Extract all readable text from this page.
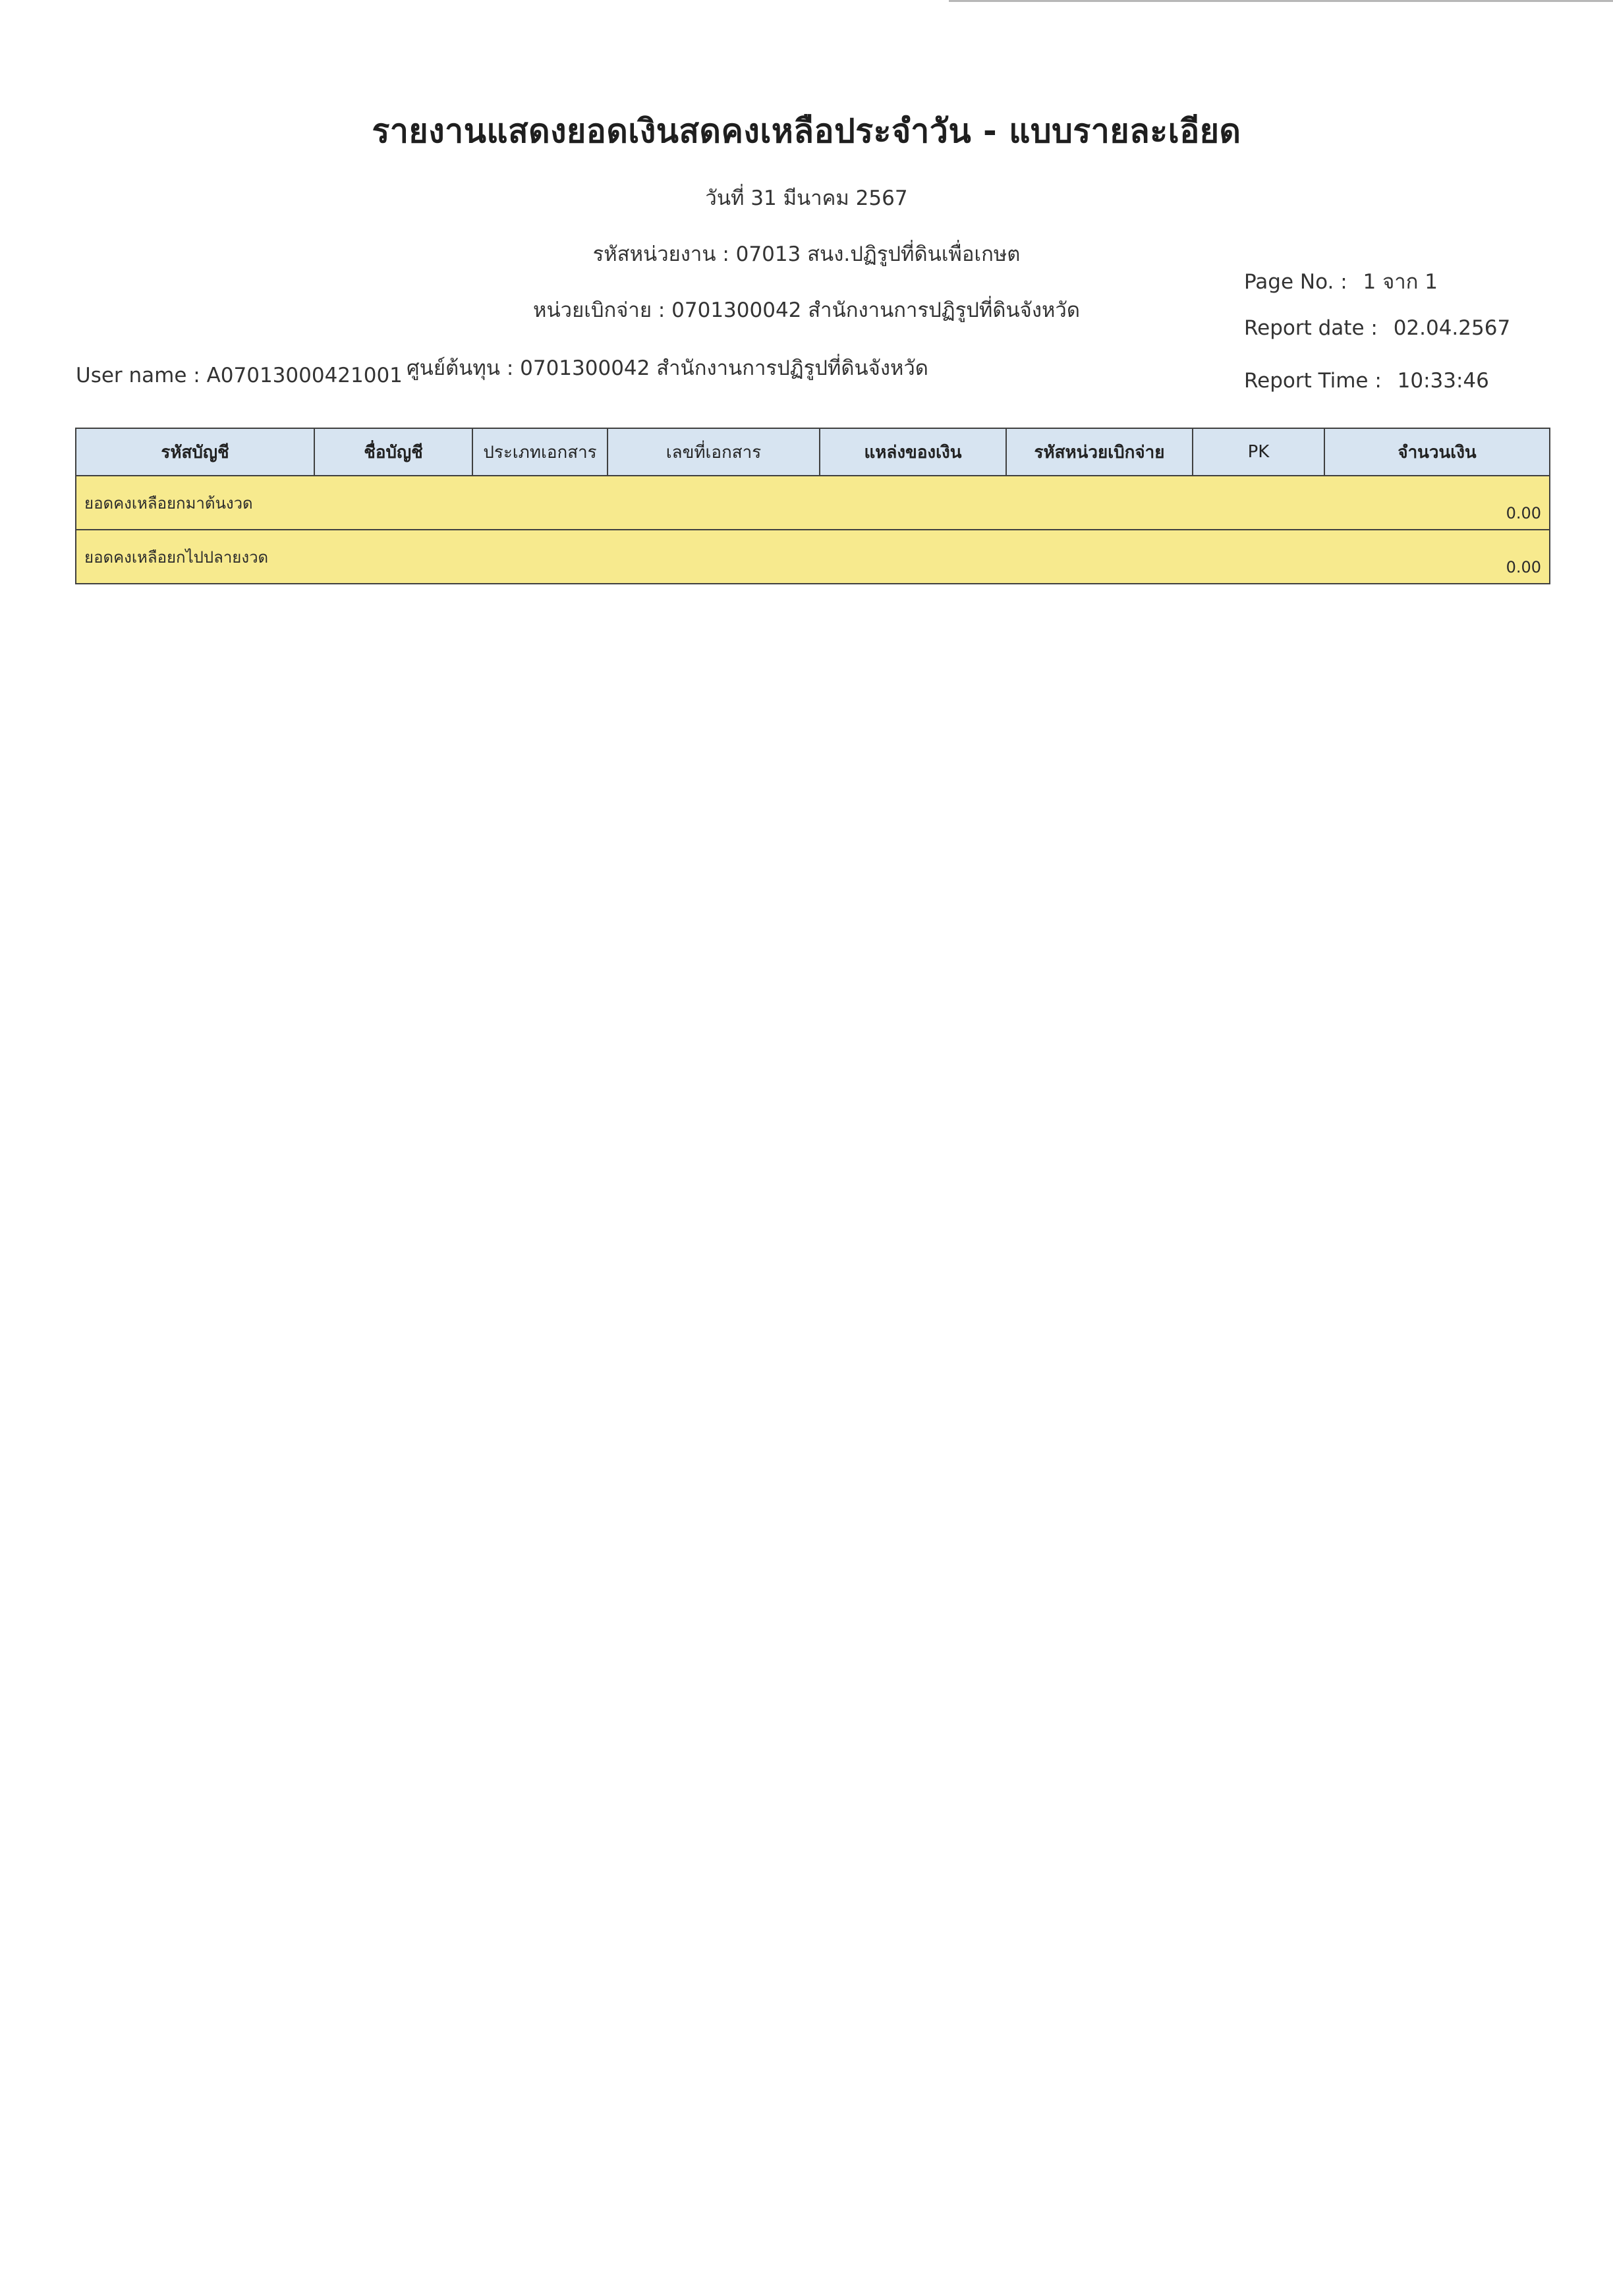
รายงานแสดงยอดเงินสดคงเหลือประจำวัน - แบบรายละเอียด
วันที่ 31 มีนาคม 2567
รหัสหน่วยงาน : 07013 สนง.ปฏิรูปที่ดินเพื่อเกษต
หน่วยเบิกจ่าย : 0701300042 สำนักงานการปฏิรูปที่ดินจังหวัด
ศูนย์ต้นทุน : 0701300042 สำนักงานการปฏิรูปที่ดินจังหวัด
User name : A07013000421001
Page No. : 1 จาก 1
Report date : 02.04.2567
Report Time : 10:33:46
รหัสบัญชี	ชื่อบัญชี	ประเภทเอกสาร	เลขที่เอกสาร	แหล่งของเงิน	รหัสหน่วยเบิกจ่าย	PK	จำนวนเงิน
ยอดคงเหลือยกมาต้นงวด							0.00
ยอดคงเหลือยกไปปลายงวด							0.00
